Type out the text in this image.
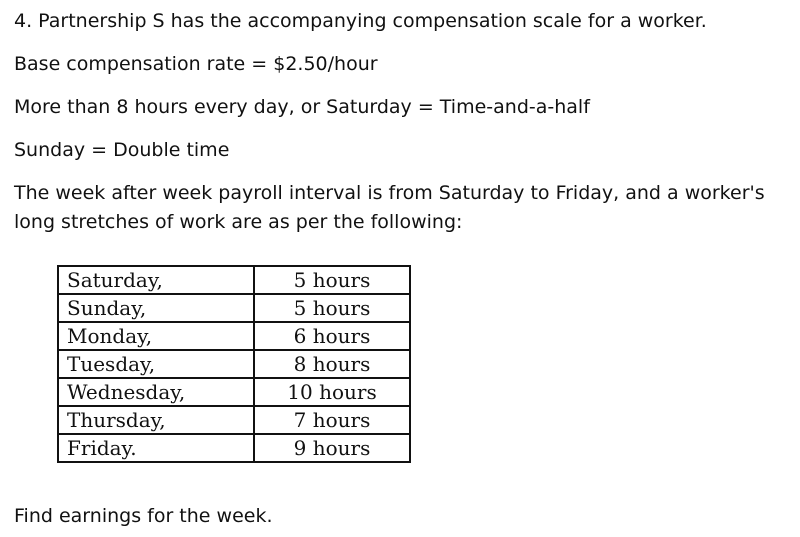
4. Partnership S has the accompanying compensation scale for a worker.

Base compensation rate = $2.50/hour

More than 8 hours every day, or Saturday = Time-and-a-half

Sunday = Double time

The week after week payroll interval is from Saturday to Friday, and a worker's
long stretches of work are as per the following:

Saturday,	5 hours
Sunday,	5 hours
Monday,	6 hours
Tuesday,	8 hours
Wednesday,	10 hours
Thursday,	7 hours
Friday.	9 hours

Find earnings for the week.
